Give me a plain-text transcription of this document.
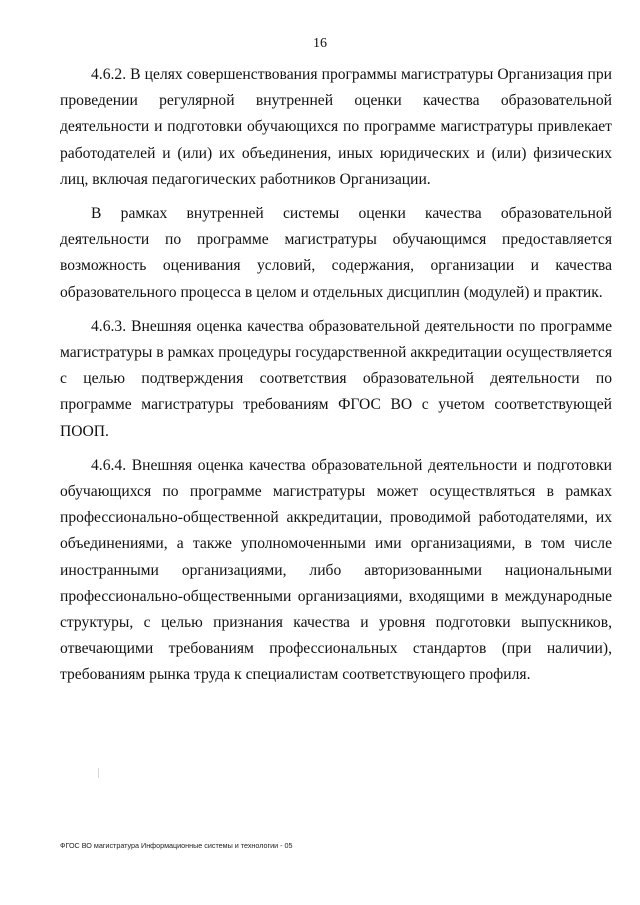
16

4.6.2. В целях совершенствования программы магистратуры Организация при проведении регулярной внутренней оценки качества образовательной деятельности и подготовки обучающихся по программе магистратуры привлекает работодателей и (или) их объединения, иных юридических и (или) физических лиц, включая педагогических работников Организации.

В рамках внутренней системы оценки качества образовательной деятельности по программе магистратуры обучающимся предоставляется возможность оценивания условий, содержания, организации и качества образовательного процесса в целом и отдельных дисциплин (модулей) и практик.

4.6.3. Внешняя оценка качества образовательной деятельности по программе магистратуры в рамках процедуры государственной аккредитации осуществляется с целью подтверждения соответствия образовательной деятельности по программе магистратуры требованиям ФГОС ВО с учетом соответствующей ПООП.

4.6.4. Внешняя оценка качества образовательной деятельности и подготовки обучающихся по программе магистратуры может осуществляться в рамках профессионально-общественной аккредитации, проводимой работодателями, их объединениями, а также уполномоченными ими организациями, в том числе иностранными организациями, либо авторизованными национальными профессионально-общественными организациями, входящими в международные структуры, с целью признания качества и уровня подготовки выпускников, отвечающими требованиям профессиональных стандартов (при наличии), требованиям рынка труда к специалистам соответствующего профиля.

ФГОС ВО магистратура Информационные системы и технологии - 05
